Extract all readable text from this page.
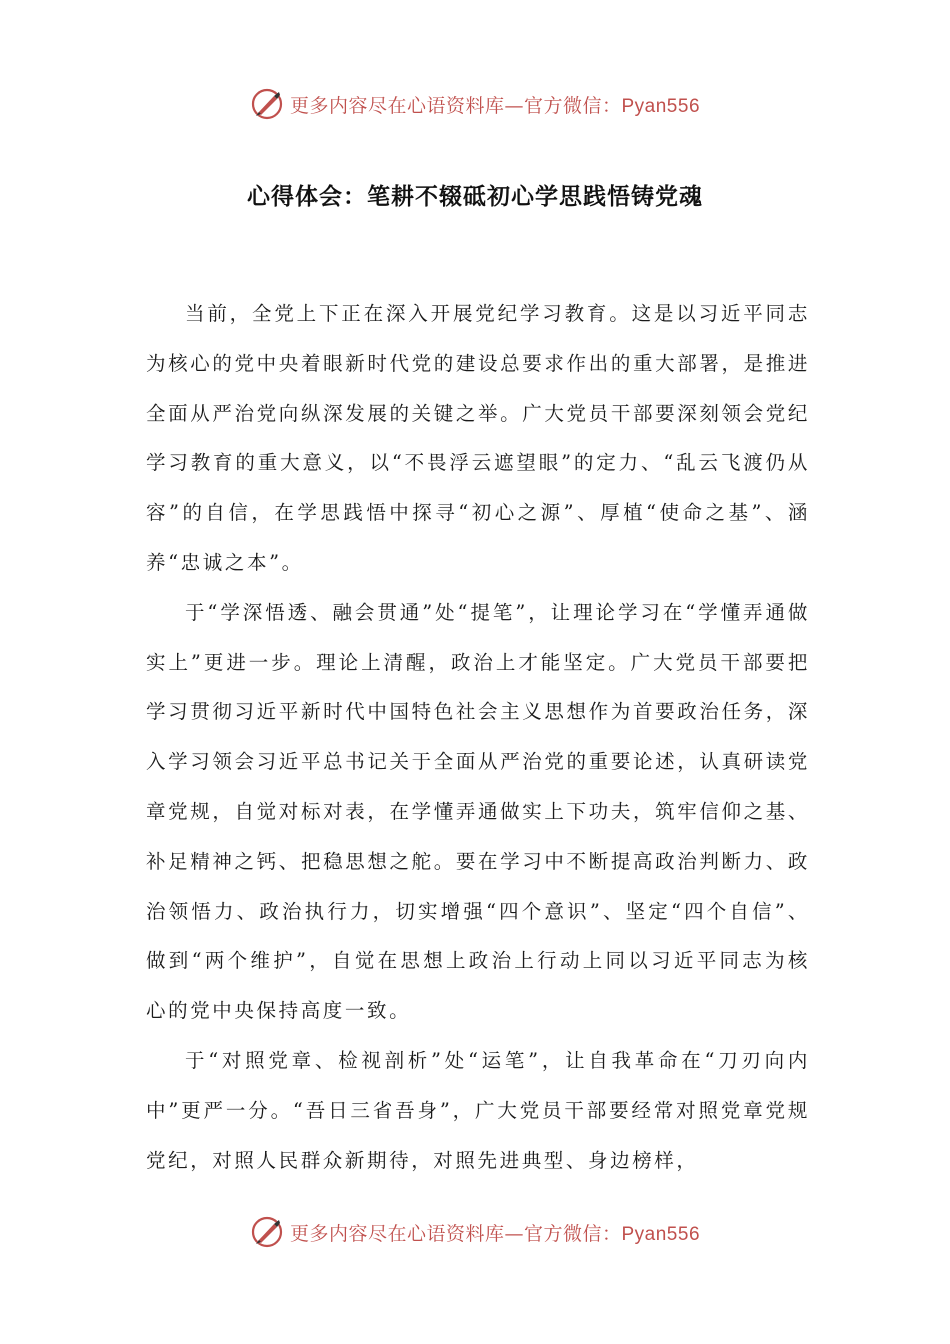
更多内容尽在心语资料库—官方微信：Pyan556
心得体会：笔耕不辍砥初心学思践悟铸党魂

当前，全党上下正在深入开展党纪学习教育。这是以习近平同志为核心的党中央着眼新时代党的建设总要求作出的重大部署，是推进全面从严治党向纵深发展的关键之举。广大党员干部要深刻领会党纪学习教育的重大意义，以“不畏浮云遮望眼”的定力、“乱云飞渡仍从容”的自信，在学思践悟中探寻“初心之源”、厚植“使命之基”、涵养“忠诚之本”。

于“学深悟透、融会贯通”处“提笔”，让理论学习在“学懂弄通做实上”更进一步。理论上清醒，政治上才能坚定。广大党员干部要把学习贯彻习近平新时代中国特色社会主义思想作为首要政治任务，深入学习领会习近平总书记关于全面从严治党的重要论述，认真研读党章党规，自觉对标对表，在学懂弄通做实上下功夫，筑牢信仰之基、补足精神之钙、把稳思想之舵。要在学习中不断提高政治判断力、政治领悟力、政治执行力，切实增强“四个意识”、坚定“四个自信”、做到“两个维护”，自觉在思想上政治上行动上同以习近平同志为核心的党中央保持高度一致。

于“对照党章、检视剖析”处“运笔”，让自我革命在“刀刃向内中”更严一分。“吾日三省吾身”，广大党员干部要经常对照党章党规党纪，对照人民群众新期待，对照先进典型、身边榜样，

更多内容尽在心语资料库—官方微信：Pyan556
